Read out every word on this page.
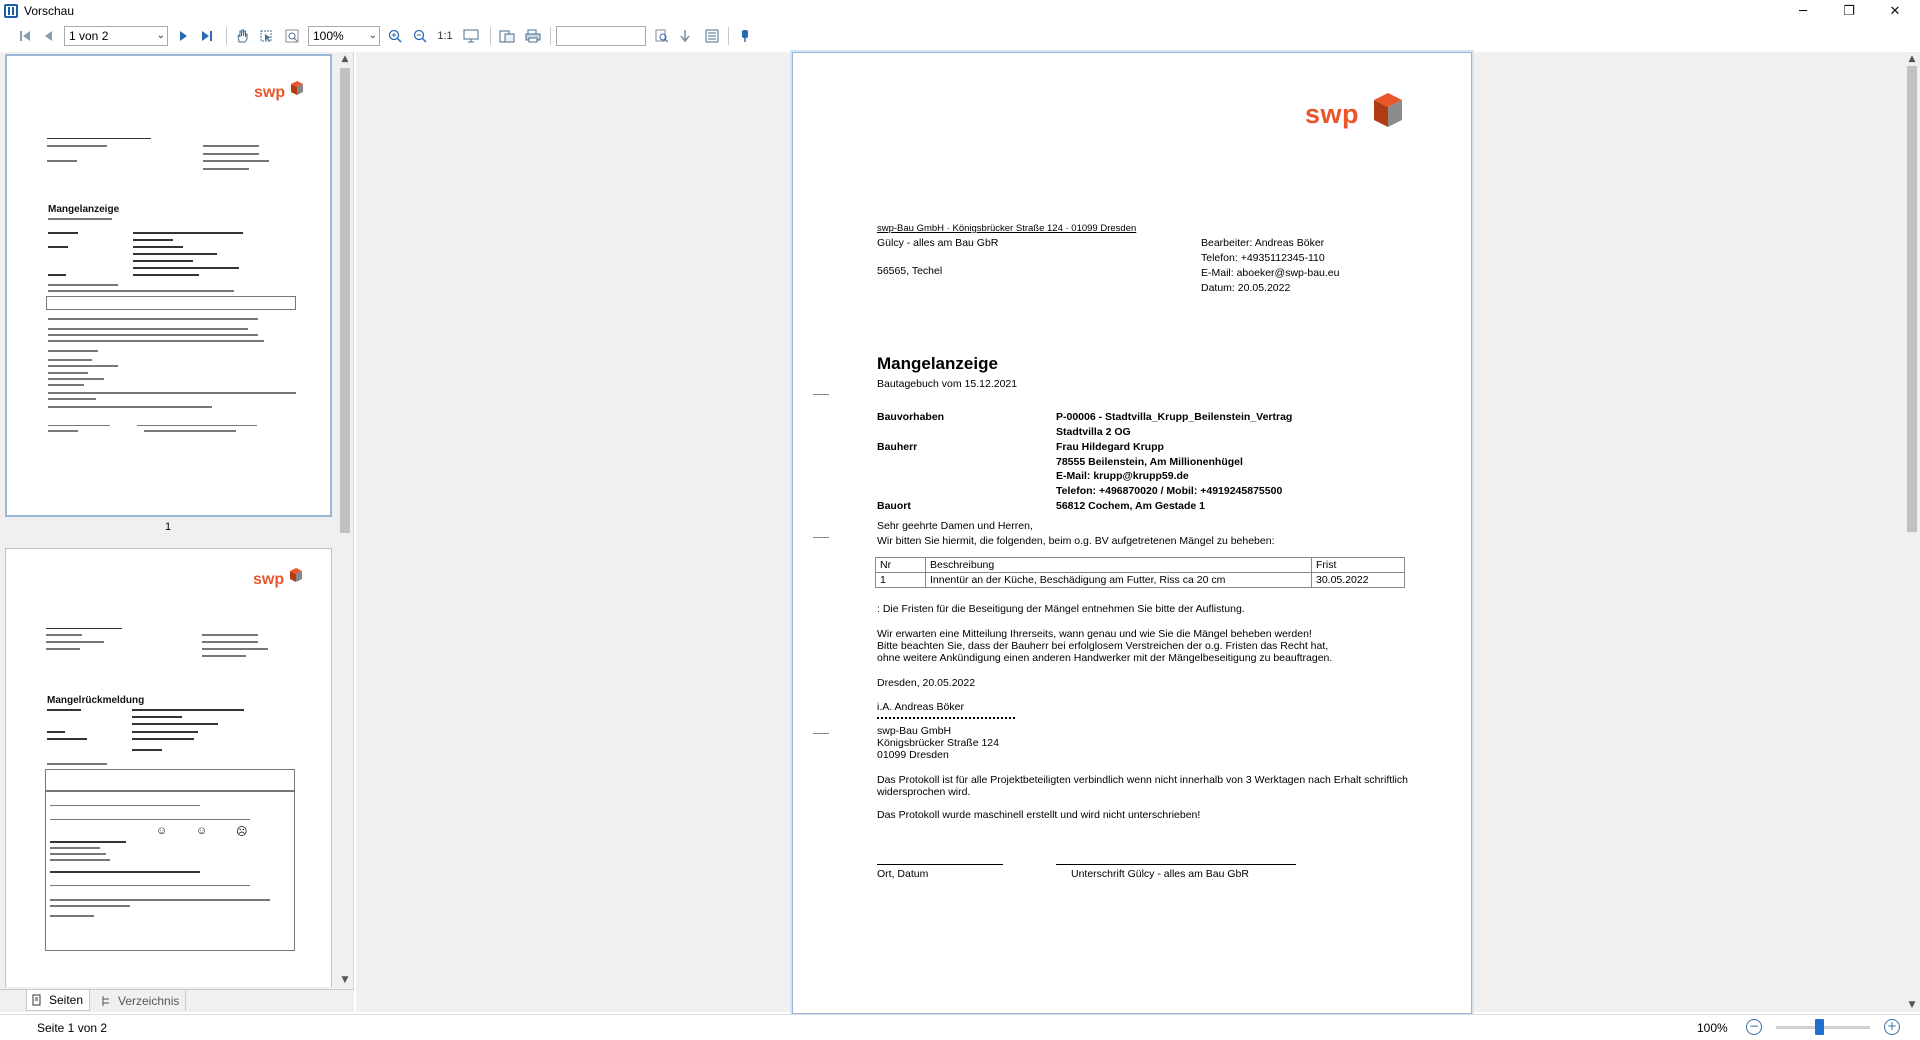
Vorschau	─	❐	✕
1 von 2	⌄	100% ⌄	1:1
swp
Mangelanzeige
1
swp
Mangelrückmeldung
☺	☺	☹
▲
▼
Seiten	Verzeichnis
swp
swp-Bau GmbH · Königsbrücker Straße 124 · 01099 Dresden
Gülcy - alles am Bau GbR
56565, Techel
Bearbeiter: Andreas Böker
Telefon: +4935112345-110
E-Mail: aboeker@swp-bau.eu
Datum: 20.05.2022
Mangelanzeige
Bautagebuch vom 15.12.2021
Bauvorhaben	P-00006 - Stadtvilla_Krupp_Beilenstein_Vertrag
Stadtvilla 2 OG
Bauherr	Frau Hildegard Krupp
78555 Beilenstein, Am Millionenhügel
E-Mail: krupp@krupp59.de
Telefon: +496870020 / Mobil: +4919245875500
Bauort	56812 Cochem, Am Gestade 1
Sehr geehrte Damen und Herren,
Wir bitten Sie hiermit, die folgenden, beim o.g. BV aufgetretenen Mängel zu beheben:
Nr	Beschreibung	Frist
1	Innentür an der Küche, Beschädigung am Futter, Riss ca 20 cm	30.05.2022
: Die Fristen für die Beseitigung der Mängel entnehmen Sie bitte der Auflistung.
Wir erwarten eine Mitteilung Ihrerseits, wann genau und wie Sie die Mängel beheben werden!
Bitte beachten Sie, dass der Bauherr bei erfolglosem Verstreichen der o.g. Fristen das Recht hat,
ohne weitere Ankündigung einen anderen Handwerker mit der Mängelbeseitigung zu beauftragen.
Dresden, 20.05.2022
i.A. Andreas Böker
swp-Bau GmbH
Königsbrücker Straße 124
01099 Dresden
Das Protokoll ist für alle Projektbeteiligten verbindlich wenn nicht innerhalb von 3 Werktagen nach Erhalt schriftlich
widersprochen wird.
Das Protokoll wurde maschinell erstellt und wird nicht unterschrieben!
Ort, Datum	Unterschrift Gülcy - alles am Bau GbR
▲
▼
Seite 1 von 2	100% −	+
